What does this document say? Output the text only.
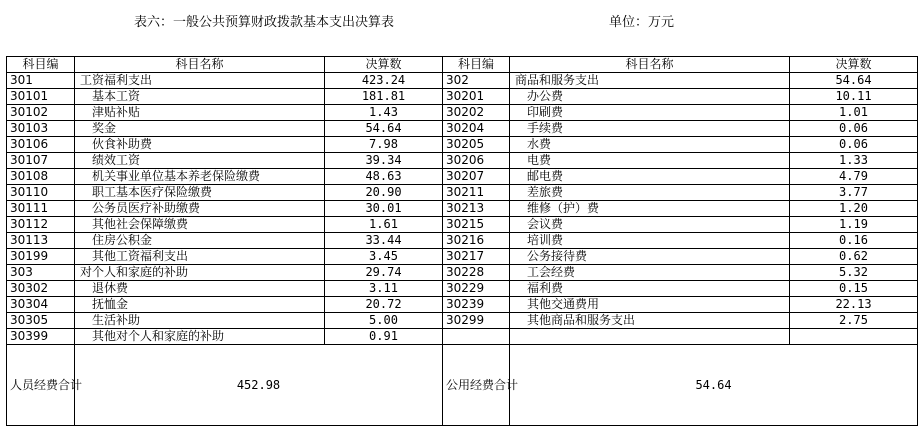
表六：一般公共预算财政拨款基本支出决算表	单位：万元
科目编	科目名称	决算数	科目编	科目名称	决算数
301	工资福利支出	423.24	302	商品和服务支出	54.64
30101	基本工资	181.81	30201	办公费	10.11
30102	津贴补贴	1.43	30202	印刷费	1.01
30103	奖金	54.64	30204	手续费	0.06
30106	伙食补助费	7.98	30205	水费	0.06
30107	绩效工资	39.34	30206	电费	1.33
30108	机关事业单位基本养老保险缴费	48.63	30207	邮电费	4.79
30110	职工基本医疗保险缴费	20.90	30211	差旅费	3.77
30111	公务员医疗补助缴费	30.01	30213	维修（护）费	1.20
30112	其他社会保障缴费	1.61	30215	会议费	1.19
30113	住房公积金	33.44	30216	培训费	0.16
30199	其他工资福利支出	3.45	30217	公务接待费	0.62
303	对个人和家庭的补助	29.74	30228	工会经费	5.32
30302	退休费	3.11	30229	福利费	0.15
30304	抚恤金	20.72	30239	其他交通费用	22.13
30305	生活补助	5.00	30299	其他商品和服务支出	2.75
30399	其他对个人和家庭的补助	0.91			
人员经费合计	452.98		公用经费合计	54.64	
